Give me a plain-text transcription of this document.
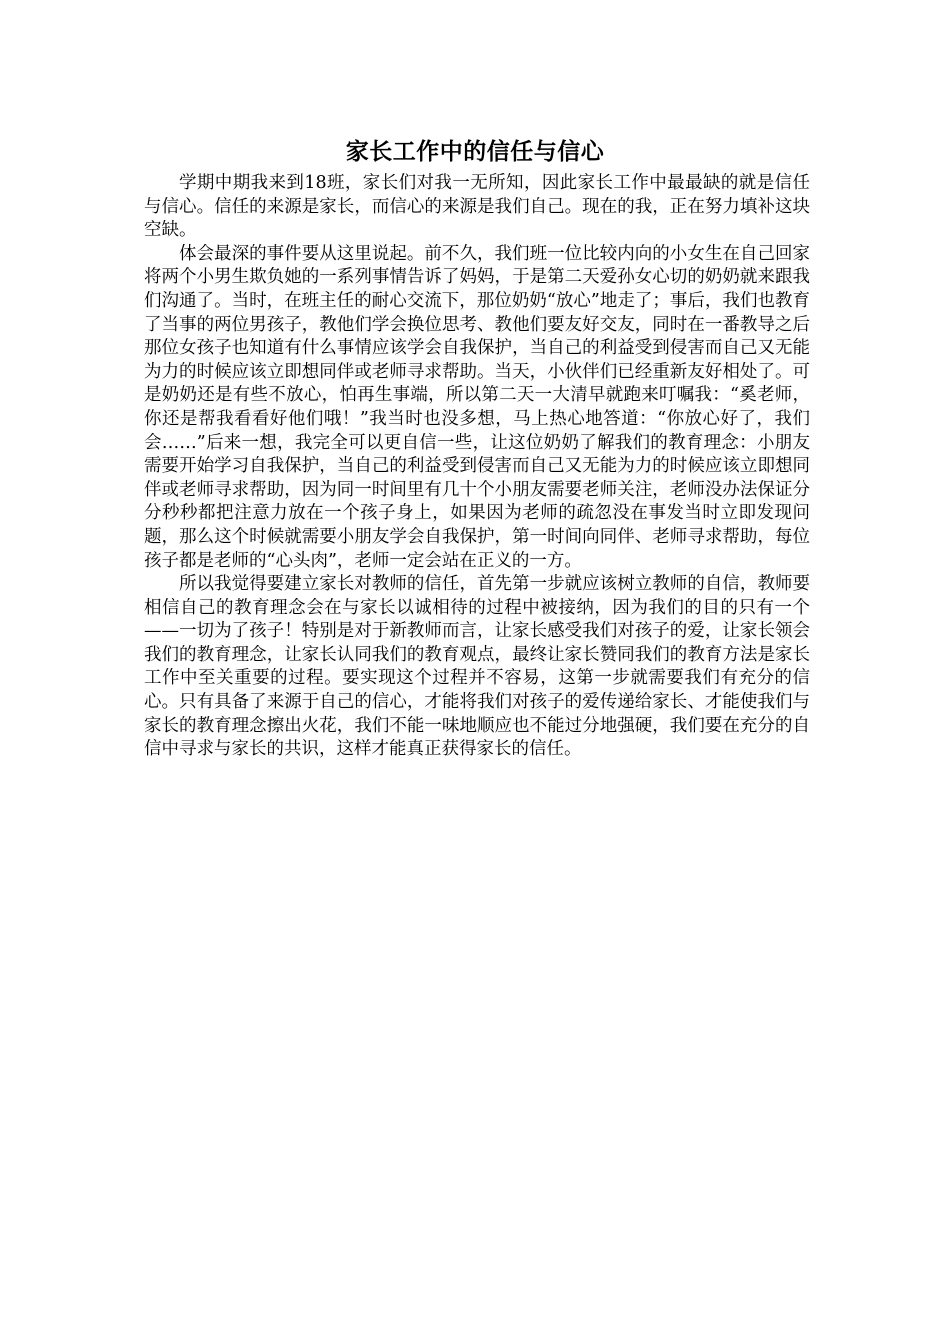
家长工作中的信任与信心

学期中期我来到18班，家长们对我一无所知，因此家长工作中最最缺的就是信任与信心。信任的来源是家长，而信心的来源是我们自己。现在的我，正在努力填补这块空缺。

体会最深的事件要从这里说起。前不久，我们班一位比较内向的小女生在自己回家将两个小男生欺负她的一系列事情告诉了妈妈，于是第二天爱孙女心切的奶奶就来跟我们沟通了。当时，在班主任的耐心交流下，那位奶奶“放心”地走了；事后，我们也教育了当事的两位男孩子，教他们学会换位思考、教他们要友好交友，同时在一番教导之后那位女孩子也知道有什么事情应该学会自我保护，当自己的利益受到侵害而自己又无能为力的时候应该立即想同伴或老师寻求帮助。当天，小伙伴们已经重新友好相处了。可是奶奶还是有些不放心，怕再生事端，所以第二天一大清早就跑来叮嘱我：“奚老师， 你还是帮我看看好他们哦！”我当时也没多想，马上热心地答道：“你放心好了，我们会……”后来一想，我完全可以更自信一些，让这位奶奶了解我们的教育理念：小朋友需要开始学习自我保护，当自己的利益受到侵害而自己又无能为力的时候应该立即想同伴或老师寻求帮助，因为同一时间里有几十个小朋友需要老师关注，老师没办法保证分分秒秒都把注意力放在一个孩子身上，如果因为老师的疏忽没在事发当时立即发现问题，那么这个时候就需要小朋友学会自我保护，第一时间向同伴、老师寻求帮助，每位孩子都是老师的“心头肉”，老师一定会站在正义的一方。

所以我觉得要建立家长对教师的信任，首先第一步就应该树立教师的自信，教师要相信自己的教育理念会在与家长以诚相待的过程中被接纳，因为我们的目的只有一个——一切为了孩子！特别是对于新教师而言，让家长感受我们对孩子的爱，让家长领会我们的教育理念，让家长认同我们的教育观点，最终让家长赞同我们的教育方法是家长工作中至关重要的过程。要实现这个过程并不容易，这第一步就需要我们有充分的信心。只有具备了来源于自己的信心，才能将我们对孩子的爱传递给家长、才能使我们与家长的教育理念擦出火花，我们不能一味地顺应也不能过分地强硬，我们要在充分的自信中寻求与家长的共识，这样才能真正获得家长的信任。
